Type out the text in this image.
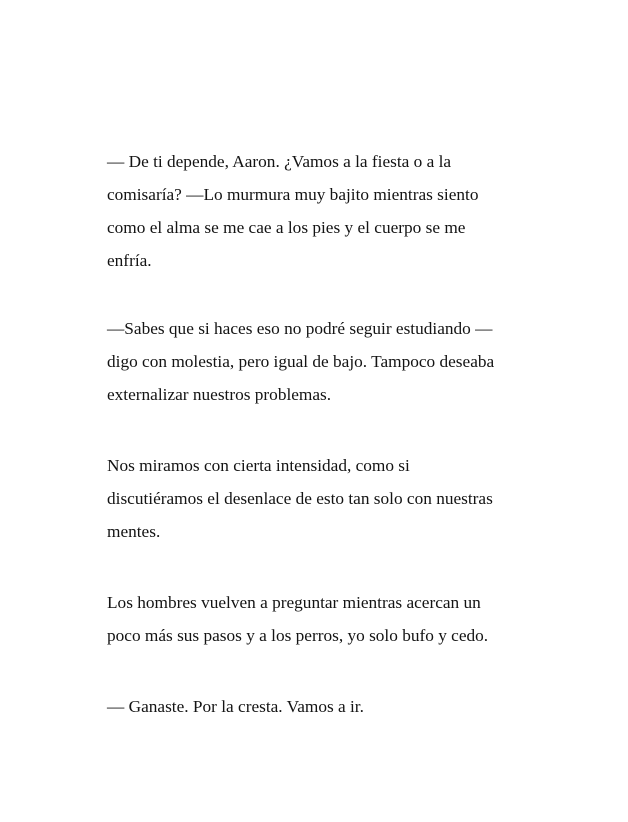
— De ti depende, Aaron. ¿Vamos a la fiesta o a la
comisaría? —Lo murmura muy bajito mientras siento
como el alma se me cae a los pies y el cuerpo se me
enfría.

—Sabes que si haces eso no podré seguir estudiando —
digo con molestia, pero igual de bajo. Tampoco deseaba
externalizar nuestros problemas.

Nos miramos con cierta intensidad, como si
discutiéramos el desenlace de esto tan solo con nuestras
mentes.

Los hombres vuelven a preguntar mientras acercan un
poco más sus pasos y a los perros, yo solo bufo y cedo.

— Ganaste. Por la cresta. Vamos a ir.
